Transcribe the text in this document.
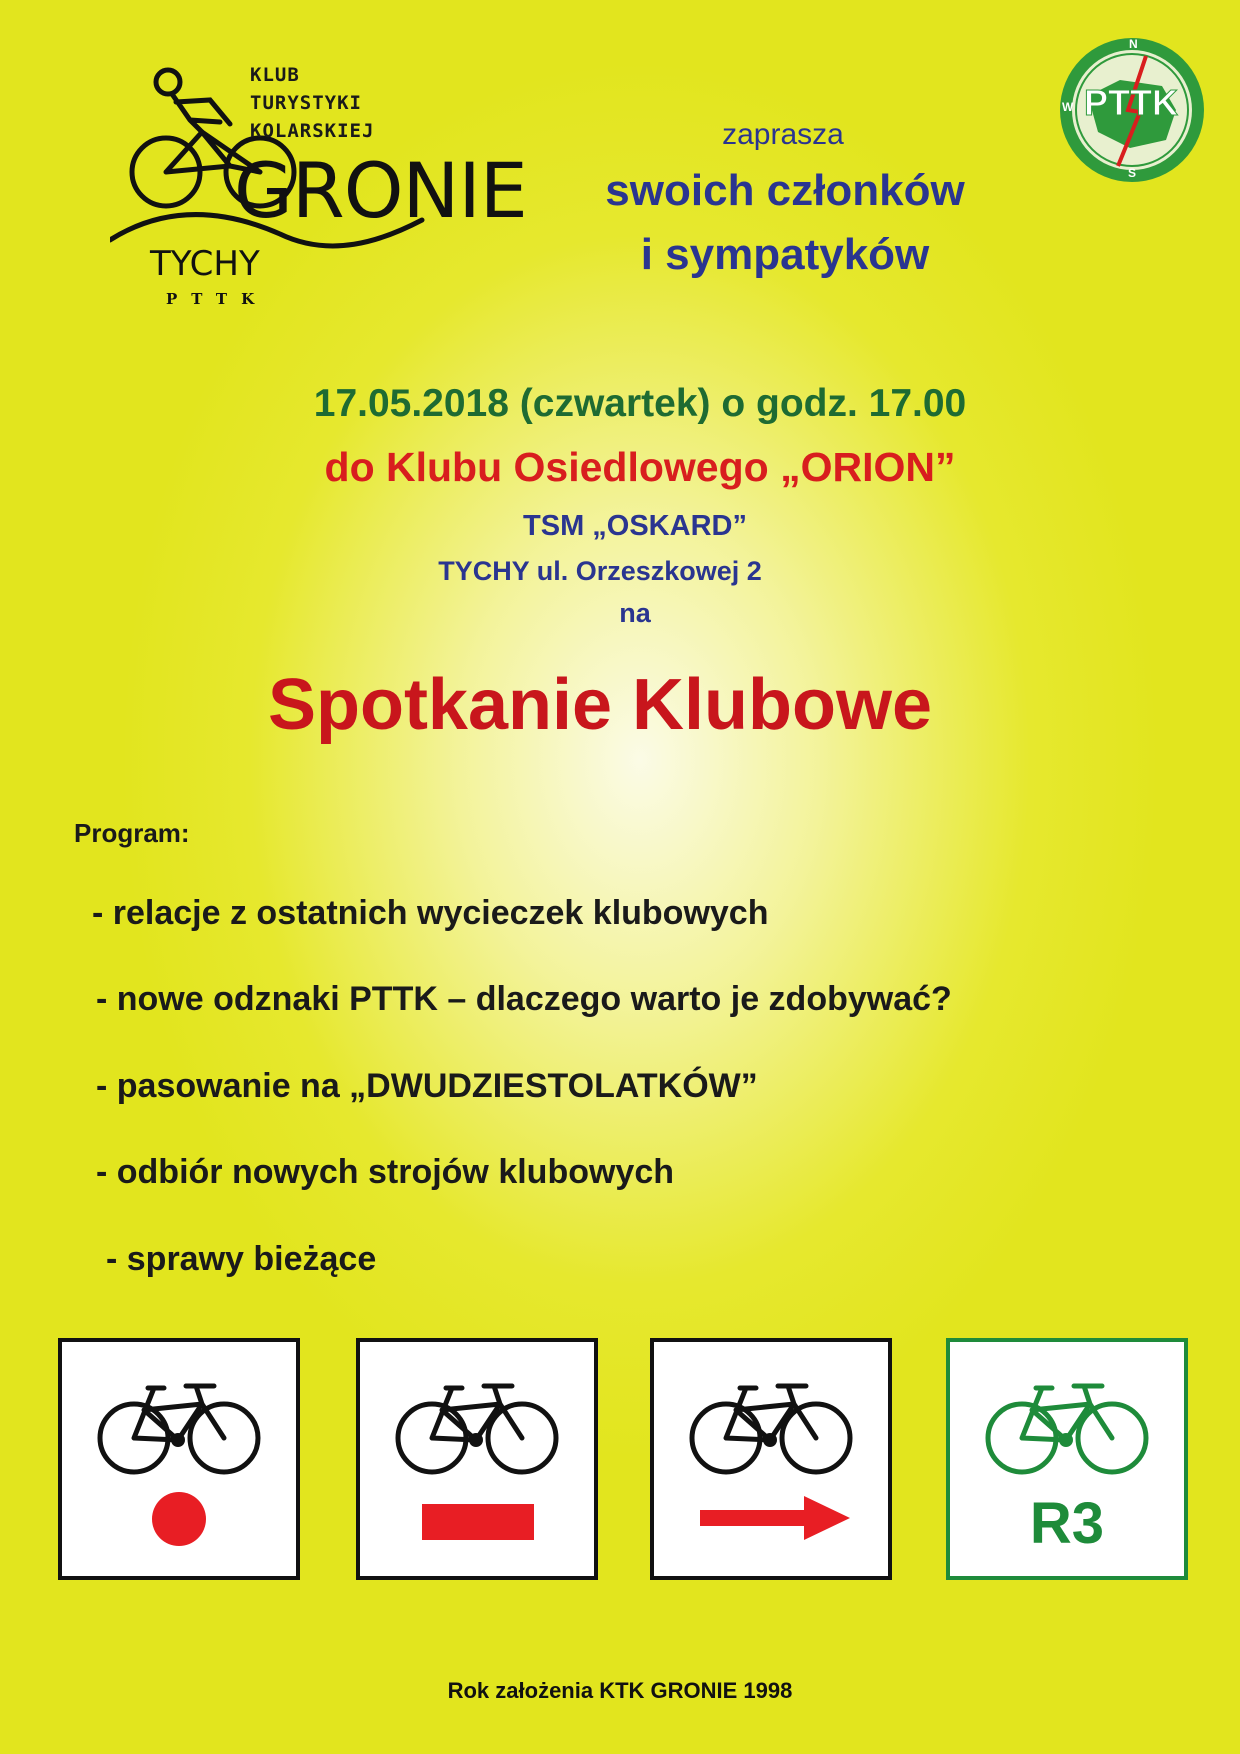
KLUB
TURYSTYKI
KOLARSKIEJ
GRONIE
TYCHY
PTTK
PTTK
N
W
S
zaprasza
swoich członków
i sympatyków
17.05.2018 (czwartek) o godz. 17.00
do Klubu Osiedlowego „ORION”
TSM „OSKARD”
TYCHY ul. Orzeszkowej 2
na
Spotkanie Klubowe
Program:
- relacje z ostatnich wycieczek klubowych
- nowe odznaki PTTK – dlaczego warto je zdobywać?
- pasowanie na „DWUDZIESTOLATKÓW”
- odbiór nowych strojów klubowych
- sprawy bieżące
R3
Rok założenia KTK GRONIE 1998
